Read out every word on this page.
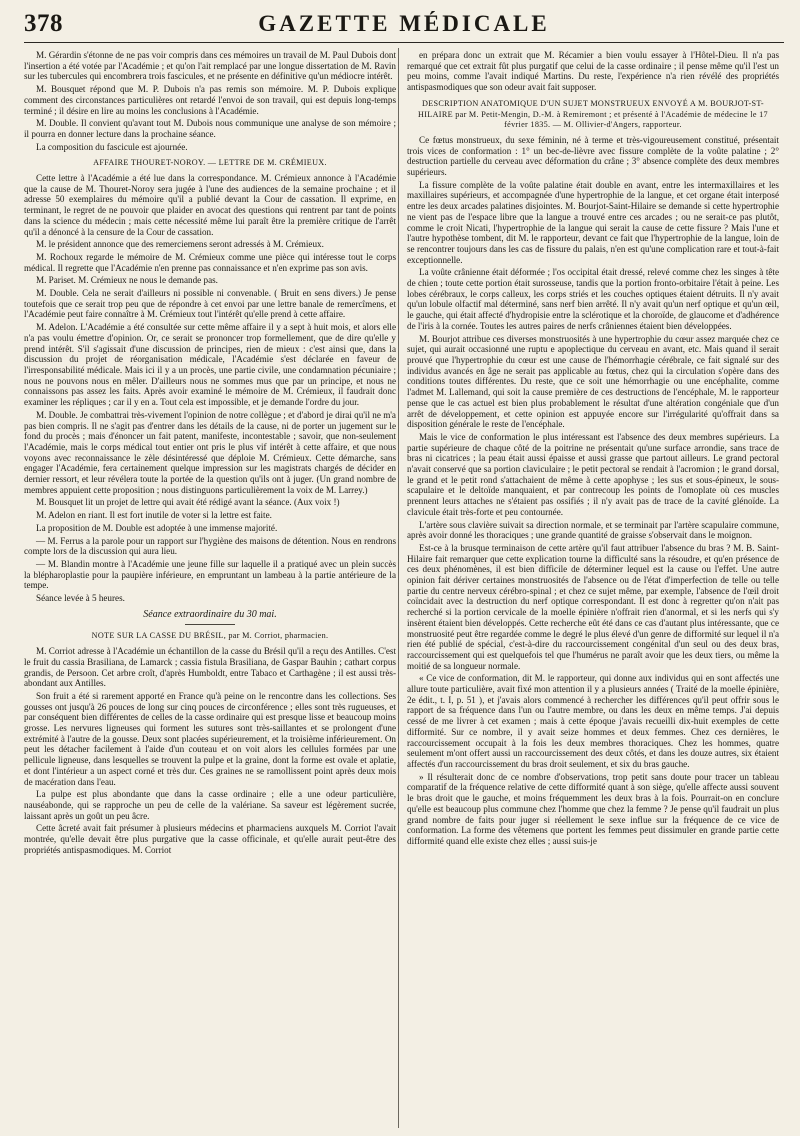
378	GAZETTE MÉDICALE

M. Gérardin s'étonne de ne pas voir compris dans ces mémoires un travail de M. Paul Dubois dont l'insertion a été votée par l'Académie ; et qu'on l'ait remplacé par une longue dissertation de M. Ravin sur les tubercules qui encombrera trois fascicules, et ne présente en définitive qu'un médiocre intérêt.

M. Bousquet répond que M. P. Dubois n'a pas remis son mémoire. M. P. Dubois explique comment des circonstances particulières ont retardé l'envoi de son travail, qui est depuis long-temps terminé ; il désire en lire au moins les conclusions à l'Académie.

M. Double. Il convient qu'avant tout M. Dubois nous communique une analyse de son mémoire ; il pourra en donner lecture dans la prochaine séance.

La composition du fascicule est ajournée.

AFFAIRE THOURET-NOROY. — LETTRE DE M. CRÉMIEUX.

Cette lettre à l'Académie a été lue dans la correspondance. M. Crémieux annonce à l'Académie que la cause de M. Thouret-Noroy sera jugée à l'une des audiences de la semaine prochaine ; et il adresse 50 exemplaires du mémoire qu'il a publié devant la Cour de cassation. Il exprime, en terminant, le regret de ne pouvoir que plaider en avocat des questions qui rentrent par tant de points dans la science du médecin ; mais cette nécessité même lui paraît être la première critique de l'arrêt qu'il a dénoncé à la censure de la Cour de cassation.

M. le président annonce que des remerciemens seront adressés à M. Crémieux.

M. Rochoux regarde le mémoire de M. Crémieux comme une pièce qui intéresse tout le corps médical. Il regrette que l'Académie n'en prenne pas connaissance et n'en exprime pas son avis.

M. Pariset. M. Crémieux ne nous le demande pas.

M. Double. Cela ne serait d'ailleurs ni possible ni convenable. ( Bruit en sens divers.) Je pense toutefois que ce serait trop peu que de répondre à cet envoi par une lettre banale de remercîmens, et l'Académie peut faire connaître à M. Crémieux tout l'intérêt qu'elle prend à cette affaire.

M. Adelon. L'Académie a été consultée sur cette même affaire il y a sept à huit mois, et alors elle n'a pas voulu émettre d'opinion. Or, ce serait se prononcer trop formellement, que de dire qu'elle y prend intérêt. S'il s'agissait d'une discussion de principes, rien de mieux : c'est ainsi que, dans la discussion du projet de réorganisation médicale, l'Académie s'est déclarée en faveur de l'irresponsabilité médicale. Mais ici il y a un procès, une partie civile, une condamnation pécuniaire ; nous ne pouvons nous en mêler. D'ailleurs nous ne sommes mus que par un principe, et nous ne connaissons pas assez les faits. Après avoir examiné le mémoire de M. Crémieux, il faudrait donc examiner les répliques ; car il y en a. Tout cela est impossible, et je demande l'ordre du jour.

M. Double. Je combattrai très-vivement l'opinion de notre collègue ; et d'abord je dirai qu'il ne m'a pas bien compris. Il ne s'agit pas d'entrer dans les détails de la cause, ni de porter un jugement sur le fond du procès ; mais d'énoncer un fait patent, manifeste, incontestable ; savoir, que non-seulement l'Académie, mais le corps médical tout entier ont pris le plus vif intérêt à cette affaire, et que nous voyons avec reconnaissance le zèle désintéressé que déploie M. Crémieux. Cette démarche, sans engager l'Académie, fera certainement quelque impression sur les magistrats chargés de décider en dernier ressort, et leur révélera toute la portée de la question qu'ils ont à juger. (Un grand nombre de membres appuient cette proposition ; nous distinguons particulièrement la voix de M. Larrey.)

M. Bousquet lit un projet de lettre qui avait été rédigé avant la séance. (Aux voix !)

M. Adelon en riant. Il est fort inutile de voter si la lettre est faite.

La proposition de M. Double est adoptée à une immense majorité.

— M. Ferrus a la parole pour un rapport sur l'hygiène des maisons de détention. Nous en rendrons compte lors de la discussion qui aura lieu.

— M. Blandin montre à l'Académie une jeune fille sur laquelle il a pratiqué avec un plein succès la blépharoplastie pour la paupière inférieure, en empruntant un lambeau à la partie antérieure de la tempe.

Séance levée à 5 heures.

Séance extraordinaire du 30 mai.
NOTE SUR LA CASSE DU BRÉSIL, par M. Corriot, pharmacien.

M. Corriot adresse à l'Académie un échantillon de la casse du Brésil qu'il a reçu des Antilles. C'est le fruit du cassia Brasiliana, de Lamarck ; cassia fistula Brasiliana, de Gaspar Bauhin ; cathart corpus grandis, de Persoon. Cet arbre croît, d'après Humboldt, entre Tabaco et Carthagène ; il est aussi très-abondant aux Antilles.

Son fruit a été si rarement apporté en France qu'à peine on le rencontre dans les collections. Ses gousses ont jusqu'à 26 pouces de long sur cinq pouces de circonférence ; elles sont très rugueuses, et par conséquent bien différentes de celles de la casse ordinaire qui est presque lisse et beaucoup moins grosse. Les nervures ligneuses qui forment les sutures sont très-saillantes et se prolongent d'une extrémité à l'autre de la gousse. Deux sont placées supérieurement, et la troisième inférieurement. On peut les détacher facilement à l'aide d'un couteau et on voit alors les cellules formées par une pellicule ligneuse, dans lesquelles se trouvent la pulpe et la graine, dont la forme est ovale et aplatie, et dont l'intérieur a un aspect corné et très dur. Ces graines ne se ramollissent point après deux mois de macération dans l'eau.

La pulpe est plus abondante que dans la casse ordinaire ; elle a une odeur particulière, nauséabonde, qui se rapproche un peu de celle de la valériane. Sa saveur est légèrement sucrée, laissant après un goût un peu âcre.

Cette âcreté avait fait présumer à plusieurs médecins et pharmaciens auxquels M. Corriot l'avait montrée, qu'elle devait être plus purgative que la casse officinale, et qu'elle aurait peut-être des propriétés antispasmodiques. M. Corriot

en prépara donc un extrait que M. Récamier a bien voulu essayer à l'Hôtel-Dieu. Il n'a pas remarqué que cet extrait fût plus purgatif que celui de la casse ordinaire ; il pense même qu'il l'est un peu moins, comme l'avait indiqué Martins. Du reste, l'expérience n'a rien révélé des propriétés antispasmodiques que son odeur avait fait supposer.

DESCRIPTION ANATOMIQUE D'UN SUJET MONSTRUEUX ENVOYÉ A M. BOURJOT-ST-HILAIRE par M. Petit-Mengin, D.-M. à Remiremont ; et présenté à l'Académie de médecine le 17 février 1835. — M. Ollivier-d'Angers, rapporteur.

Ce fœtus monstrueux, du sexe féminin, né à terme et très-vigoureusement constitué, présentait trois vices de conformation : 1° un bec-de-lièvre avec fissure complète de la voûte palatine ; 2° destruction partielle du cerveau avec déformation du crâne ; 3° absence complète des deux membres supérieurs.

La fissure complète de la voûte palatine était double en avant, entre les intermaxillaires et les maxillaires supérieurs, et accompagnée d'une hypertrophie de la langue, et cet organe était interposé entre les deux arcades palatines disjointes. M. Bourjot-Saint-Hilaire se demande si cette hypertrophie ne vient pas de l'espace libre que la langue a trouvé entre ces arcades ; ou ne serait-ce pas plutôt, comme le croit Nicati, l'hypertrophie de la langue qui serait la cause de cette fissure ? Mais l'une et l'autre hypothèse tombent, dit M. le rapporteur, devant ce fait que l'hypertrophie de la langue, loin de se rencontrer toujours dans les cas de fissure du palais, n'en est qu'une complication rare et tout-à-fait exceptionnelle.

La voûte crânienne était déformée ; l'os occipital était dressé, relevé comme chez les singes à tête de chien ; toute cette portion était surosseuse, tandis que la portion fronto-orbitaire l'était à peine. Les lobes cérébraux, le corps calleux, les corps striés et les couches optiques étaient détruits. Il n'y avait qu'un lobule olfactif mal déterminé, sans nerf bien arrêté. Il n'y avait qu'un nerf optique et qu'un œil, le gauche, qui était affecté d'hydropisie entre la sclérotique et la choroïde, de glaucome et d'adhérence de l'iris à la cornée. Toutes les autres paires de nerfs crâniennes étaient bien développées.

M. Bourjot attribue ces diverses monstruosités à une hypertrophie du cœur assez marquée chez ce sujet, qui aurait occasionné une ruptu e apoplectique du cerveau en avant, etc. Mais quand il serait prouvé que l'hypertrophie du cœur est une cause de l'hémorrhagie cérébrale, ce fait signalé sur des individus avancés en âge ne serait pas applicable au fœtus, chez qui la circulation s'opère dans des conditions toutes différentes. Du reste, que ce soit une hémorrhagie ou une encéphalite, comme l'admet M. Lallemand, qui soit la cause première de ces destructions de l'encéphale, M. le rapporteur pense que le cas actuel est bien plus probablement le résultat d'une altération congéniale que d'un arrêt de développement, et cette opinion est appuyée encore sur l'irrégularité qu'offrait dans sa disposition générale le reste de l'encéphale.

Mais le vice de conformation le plus intéressant est l'absence des deux membres supérieurs. La partie supérieure de chaque côté de la poitrine ne présentait qu'une surface arrondie, sans trace de bras ni cicatrices ; la peau était aussi épaisse et aussi grasse que partout ailleurs. Le grand pectoral n'avait conservé que sa portion claviculaire ; le petit pectoral se rendait à l'acromion ; le grand dorsal, le grand et le petit rond s'attachaient de même à cette apophyse ; les sus et sous-épineux, le sous-scapulaire et le deltoïde manquaient, et par contrecoup les points de l'omoplate où ces muscles prennent leurs attaches ne s'étaient pas ossifiés ; il n'y avait pas de trace de la cavité glénoïde. La clavicule était très-forte et peu contournée.

L'artère sous clavière suivait sa direction normale, et se terminait par l'artère scapulaire commune, après avoir donné les thoraciques ; une grande quantité de graisse s'observait dans le moignon.

Est-ce à la brusque terminaison de cette artère qu'il faut attribuer l'absence du bras ? M. B. Saint-Hilaire fait remarquer que cette explication tourne la difficulté sans la résoudre, et qu'en présence de ces deux phénomènes, il est bien difficile de déterminer lequel est la cause ou l'effet. Une autre opinion fait dériver certaines monstruosités de l'absence ou de l'état d'imperfection de telle ou telle partie du centre nerveux cérébro-spinal ; et chez ce sujet même, par exemple, l'absence de l'œil droit coïncidait avec la destruction du nerf optique correspondant. Il est donc à regretter qu'on n'ait pas recherché si la portion cervicale de la moelle épinière n'offrait rien d'anormal, et si les nerfs qui s'y insèrent étaient bien développés. Cette recherche eût été dans ce cas d'autant plus intéressante, que ce monstruosité peut être regardée comme le degré le plus élevé d'un genre de difformité sur lequel il n'a rien été publié de spécial, c'est-à-dire du raccourcissement congénital d'un seul ou des deux bras, raccourcissement qui est quelquefois tel que l'humérus ne paraît avoir que les deux tiers, ou même la moitié de sa longueur normale.

« Ce vice de conformation, dit M. le rapporteur, qui donne aux individus qui en sont affectés une allure toute particulière, avait fixé mon attention il y a plusieurs années ( Traité de la moelle épinière, 2e édit., t. I, p. 51 ), et j'avais alors commencé à rechercher les différences qu'il peut offrir sous le rapport de sa fréquence dans l'un ou l'autre membre, ou dans les deux en même temps. J'ai depuis cessé de me livrer à cet examen ; mais à cette époque j'avais recueilli dix-huit exemples de cette difformité. Sur ce nombre, il y avait seize hommes et deux femmes. Chez ces dernières, le raccourcissement occupait à la fois les deux membres thoraciques. Chez les hommes, quatre seulement m'ont offert aussi un raccourcissement des deux côtés, et dans les douze autres, six étaient affectés d'un raccourcissement du bras droit seulement, et six du bras gauche.

» Il résulterait donc de ce nombre d'observations, trop petit sans doute pour tracer un tableau comparatif de la fréquence relative de cette difformité quant à son siège, qu'elle affecte aussi souvent le bras droit que le gauche, et moins fréquemment les deux bras à la fois. Pourrait-on en conclure qu'elle est beaucoup plus commune chez l'homme que chez la femme ? Je pense qu'il faudrait un plus grand nombre de faits pour juger si réellement le sexe influe sur la fréquence de ce vice de conformation. La forme des vêtemens que portent les femmes peut dissimuler en grande partie cette difformité quand elle existe chez elles ; aussi suis-je
